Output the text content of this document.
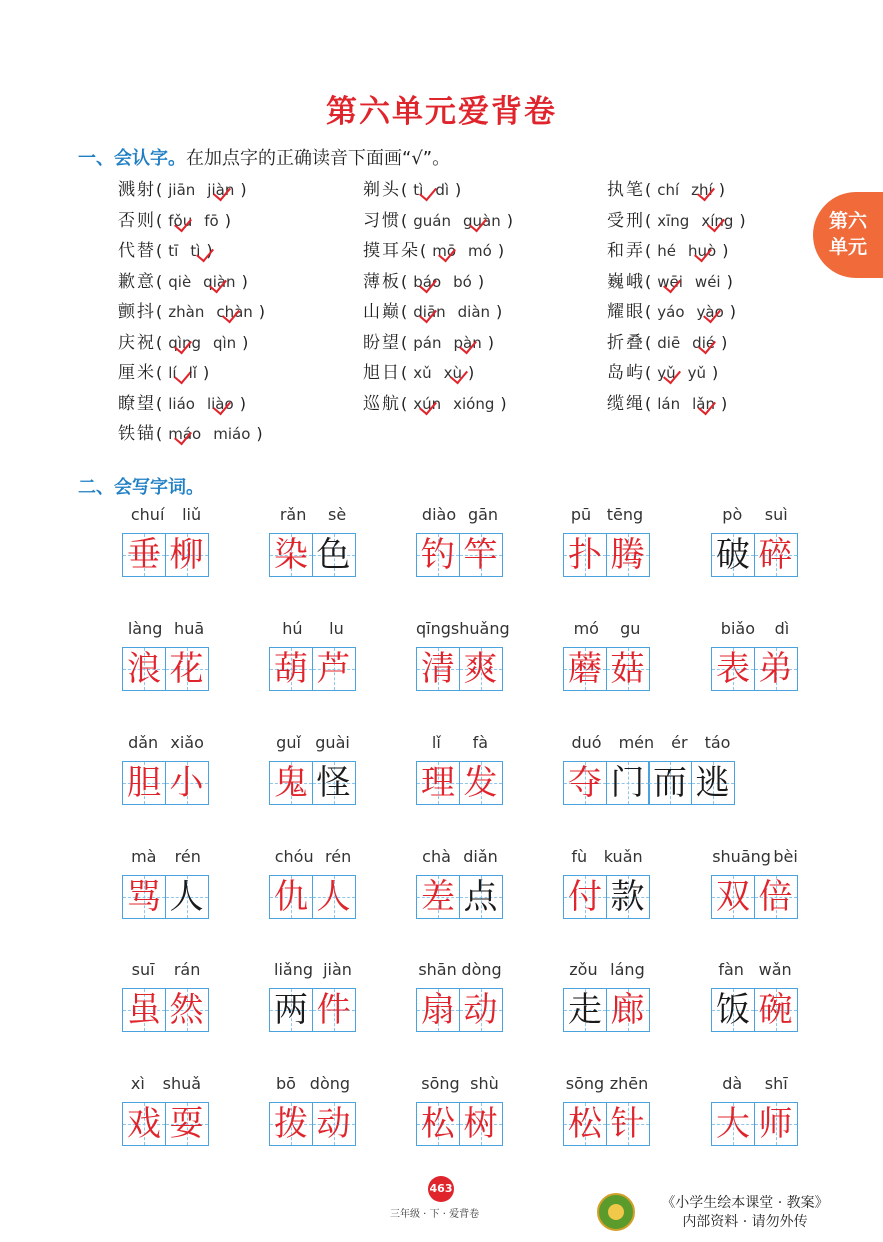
第六单元爱背卷
第六
单元
一、会认字。在加点字的正确读音下面画“√”。
溅射( jiān jiàn )	剃头( tì dì )	执笔( chí zhí )
否则( fǒu fō )	习惯( guán guàn )	受刑( xīng xíng )
代替( tī tì )	摸耳朵( mō mó )	和弄( hé huò )
歉意( qiè qiàn )	薄板( báo bó )	巍峨( wēi wéi )
颤抖( zhàn chàn )	山巅( diān diàn )	耀眼( yáo yào )
庆祝( qìng qìn )	盼望( pán pàn )	折叠( diē dié )
厘米( lí lǐ )	旭日( xǔ xù )	岛屿( yǔ yǔ )
瞭望( liáo liào )	巡航( xún xióng )	缆绳( lán lǎn )
铁锚( máo miáo )
二、会写字词。
chuí liǔ
垂 柳
rǎn sè
染 色
diào gān
钓 竿
pū tēng
扑 腾
pò suì
破 碎
làng huā
浪 花
hú lu
葫 芦
qīng shuǎng
清 爽
mó gu
蘑 菇
biǎo dì
表 弟
dǎn xiǎo
胆 小
guǐ guài
鬼 怪
lǐ fà
理 发
duó mén ér táo
夺 门 而 逃
mà rén
骂 人
chóu rén
仇 人
chà diǎn
差 点
fù kuǎn
付 款
shuāng bèi
双 倍
suī rán
虽 然
liǎng jiàn
两 件
shān dòng
扇 动
zǒu láng
走 廊
fàn wǎn
饭 碗
xì shuǎ
戏 耍
bō dòng
拨 动
sōng shù
松 树
sōng zhēn
松 针
dà shī
大 师
463
三年级 · 下 · 爱背卷
《小学生绘本课堂 · 教案》
内部资料 · 请勿外传
